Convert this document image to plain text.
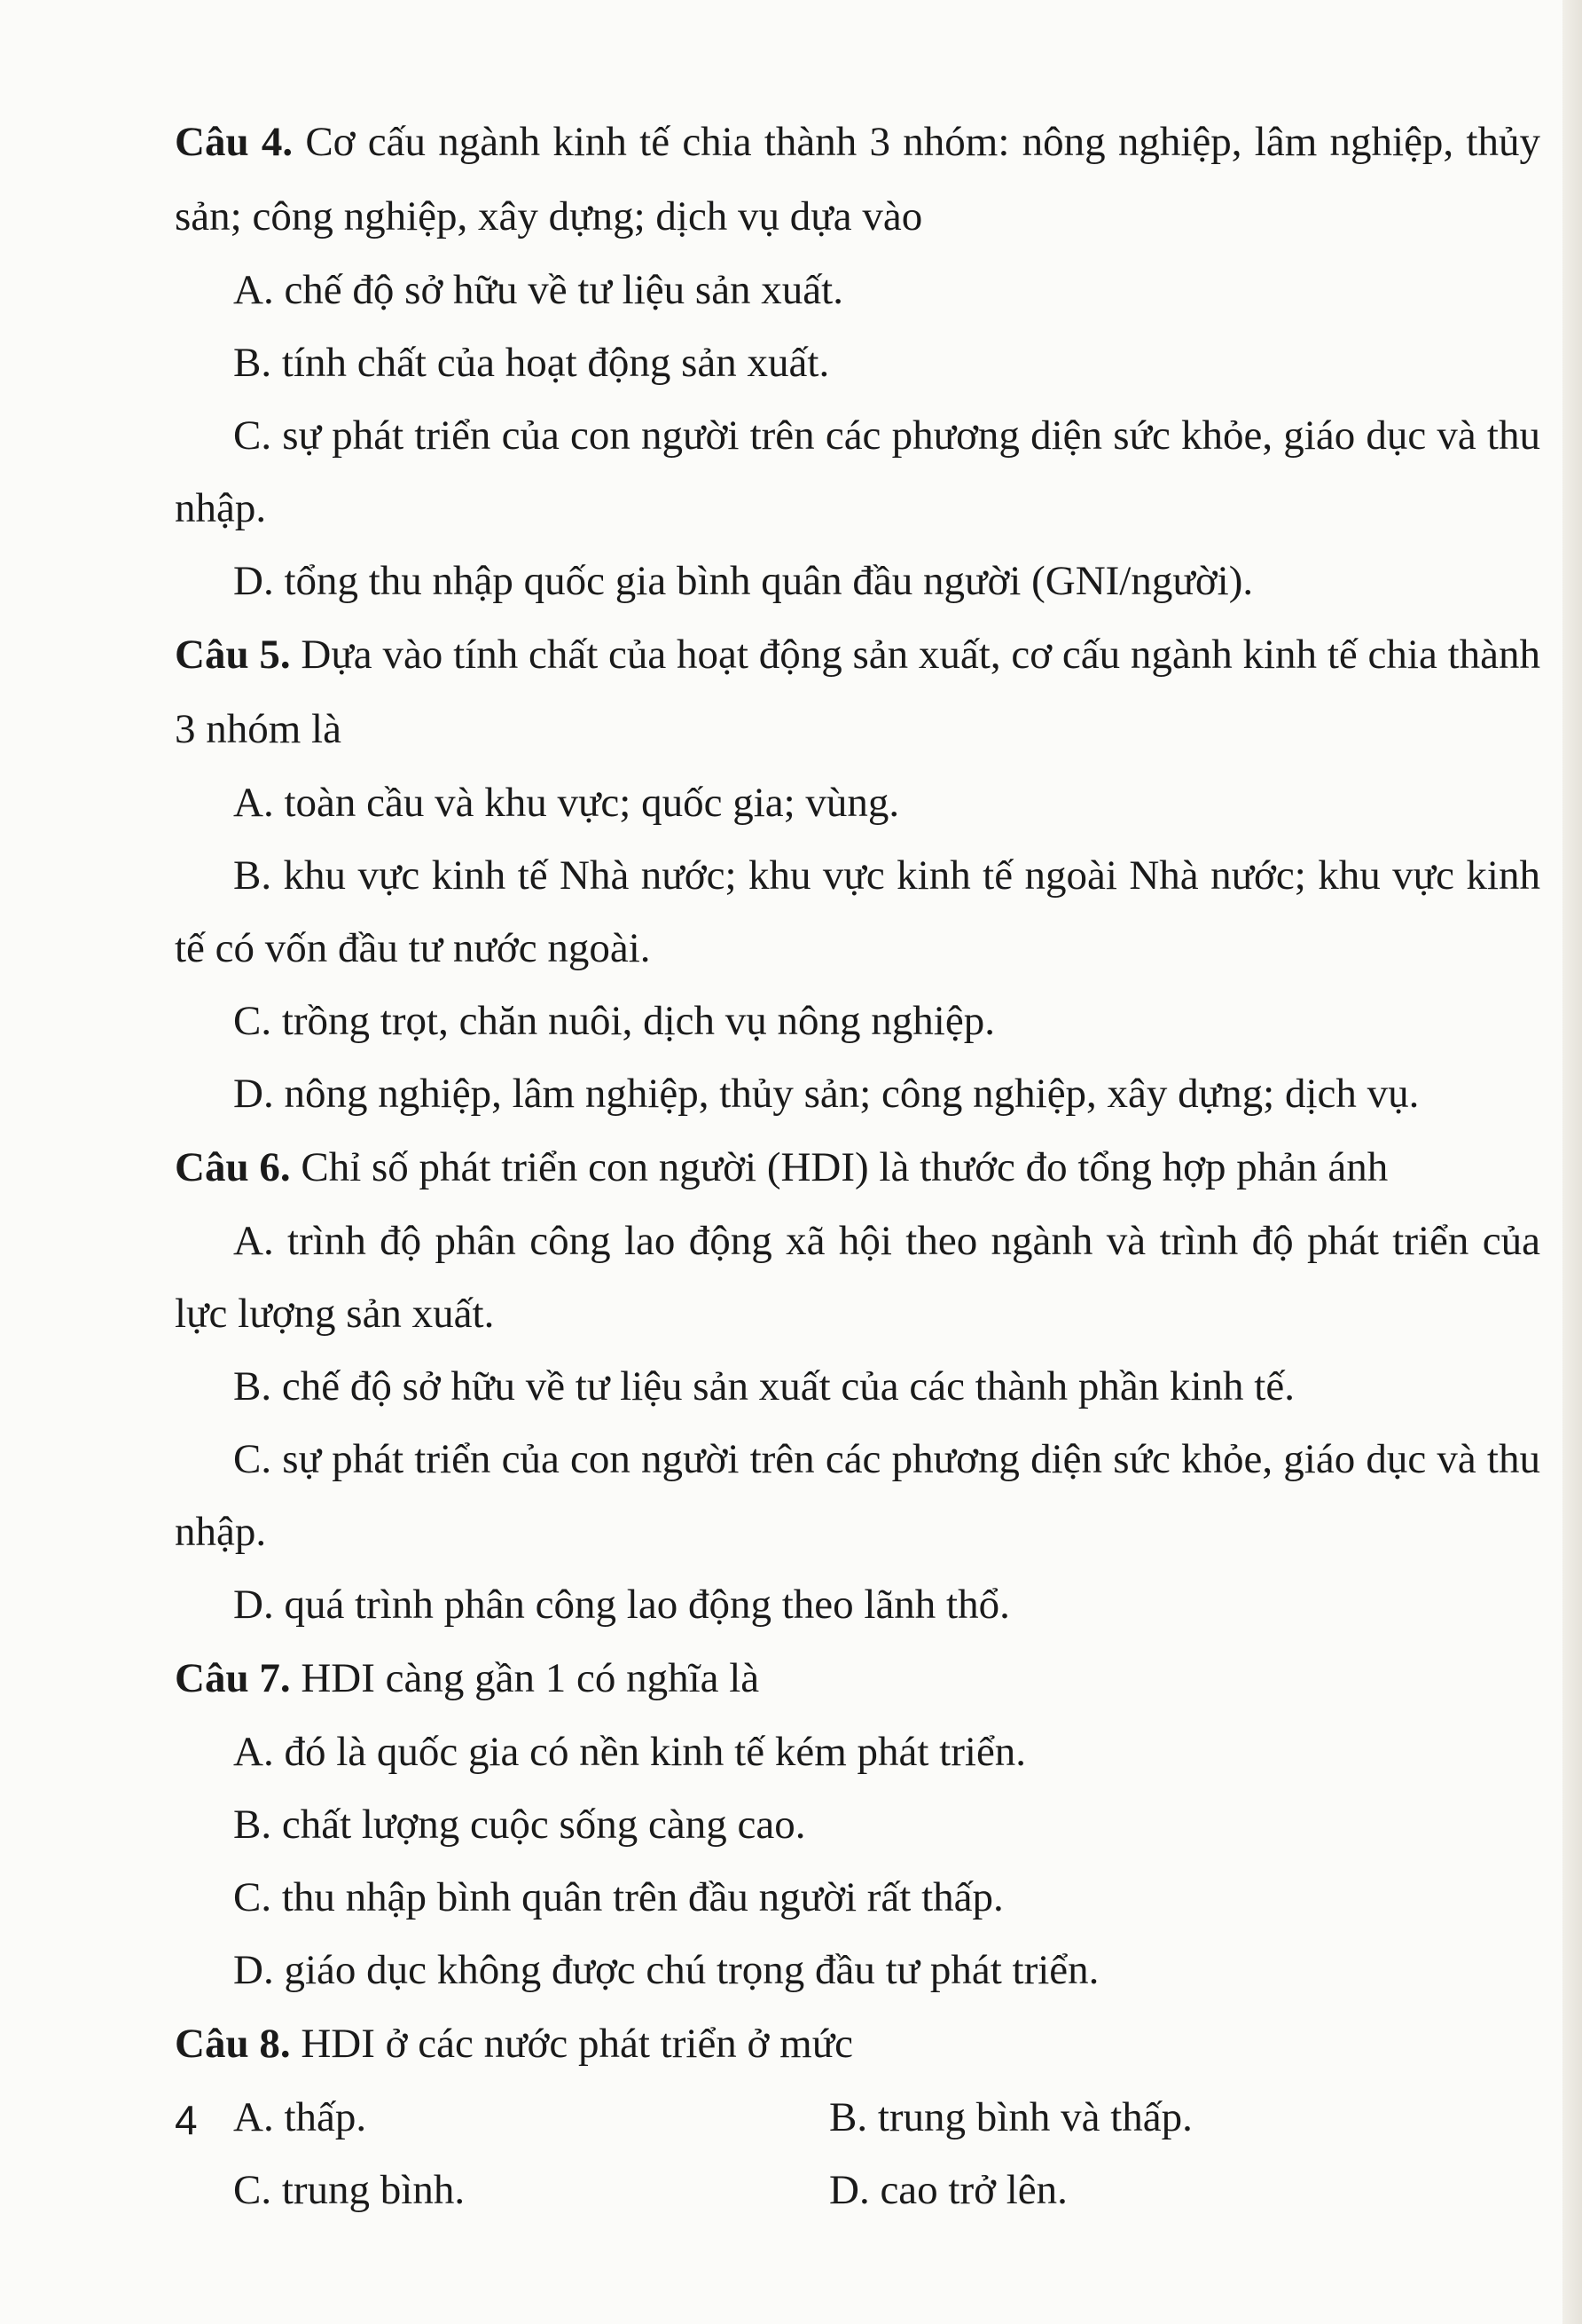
Câu 4. Cơ cấu ngành kinh tế chia thành 3 nhóm: nông nghiệp, lâm nghiệp, thủy sản; công nghiệp, xây dựng; dịch vụ dựa vào

A. chế độ sở hữu về tư liệu sản xuất.

B. tính chất của hoạt động sản xuất.

C. sự phát triển của con người trên các phương diện sức khỏe, giáo dục và thu nhập.

D. tổng thu nhập quốc gia bình quân đầu người (GNI/người).

Câu 5. Dựa vào tính chất của hoạt động sản xuất, cơ cấu ngành kinh tế chia thành 3 nhóm là

A. toàn cầu và khu vực; quốc gia; vùng.

B. khu vực kinh tế Nhà nước; khu vực kinh tế ngoài Nhà nước; khu vực kinh tế có vốn đầu tư nước ngoài.

C. trồng trọt, chăn nuôi, dịch vụ nông nghiệp.

D. nông nghiệp, lâm nghiệp, thủy sản; công nghiệp, xây dựng; dịch vụ.

Câu 6. Chỉ số phát triển con người (HDI) là thước đo tổng hợp phản ánh

A. trình độ phân công lao động xã hội theo ngành và trình độ phát triển của lực lượng sản xuất.

B. chế độ sở hữu về tư liệu sản xuất của các thành phần kinh tế.

C. sự phát triển của con người trên các phương diện sức khỏe, giáo dục và thu nhập.

D. quá trình phân công lao động theo lãnh thổ.

Câu 7. HDI càng gần 1 có nghĩa là

A. đó là quốc gia có nền kinh tế kém phát triển.

B. chất lượng cuộc sống càng cao.

C. thu nhập bình quân trên đầu người rất thấp.

D. giáo dục không được chú trọng đầu tư phát triển.

Câu 8. HDI ở các nước phát triển ở mức

A. thấp.	B. trung bình và thấp.
C. trung bình.	D. cao trở lên.
4
